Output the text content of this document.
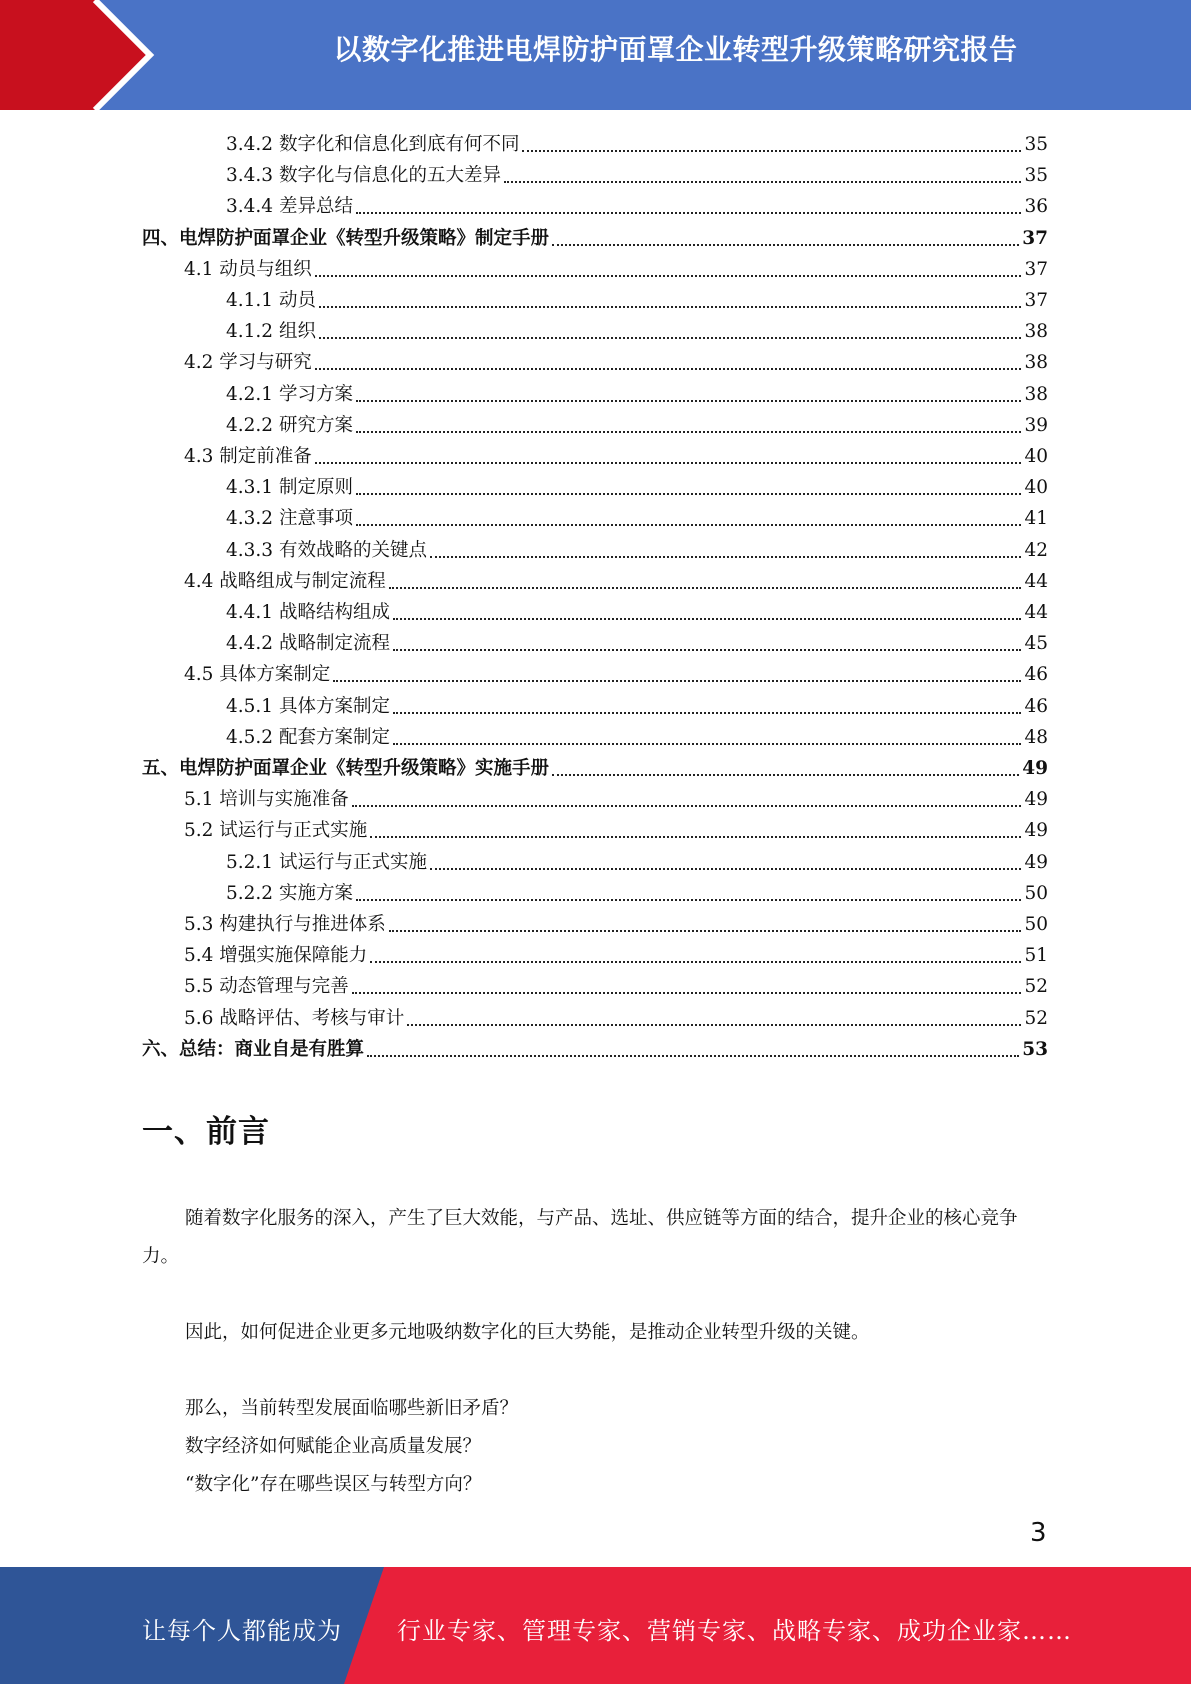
以数字化推进电焊防护面罩企业转型升级策略研究报告
3.4.2 数字化和信息化到底有何不同	35
3.4.3 数字化与信息化的五大差异	35
3.4.4 差异总结	36
四、电焊防护面罩企业《转型升级策略》制定手册	37
4.1 动员与组织	37
4.1.1 动员	37
4.1.2 组织	38
4.2 学习与研究	38
4.2.1 学习方案	38
4.2.2 研究方案	39
4.3 制定前准备	40
4.3.1 制定原则	40
4.3.2 注意事项	41
4.3.3 有效战略的关键点	42
4.4 战略组成与制定流程	44
4.4.1 战略结构组成	44
4.4.2 战略制定流程	45
4.5 具体方案制定	46
4.5.1 具体方案制定	46
4.5.2 配套方案制定	48
五、电焊防护面罩企业《转型升级策略》实施手册	49
5.1 培训与实施准备	49
5.2 试运行与正式实施	49
5.2.1 试运行与正式实施	49
5.2.2 实施方案	50
5.3 构建执行与推进体系	50
5.4 增强实施保障能力	51
5.5 动态管理与完善	52
5.6 战略评估、考核与审计	52
六、总结：商业自是有胜算	53
一、前言
随着数字化服务的深入，产生了巨大效能，与产品、选址、供应链等方面的结合，提升企业的核心竞争力。
因此，如何促进企业更多元地吸纳数字化的巨大势能，是推动企业转型升级的关键。
那么，当前转型发展面临哪些新旧矛盾？
数字经济如何赋能企业高质量发展？
“数字化”存在哪些误区与转型方向？
3
让每个人都能成为 行业专家、管理专家、营销专家、战略专家、成功企业家……
